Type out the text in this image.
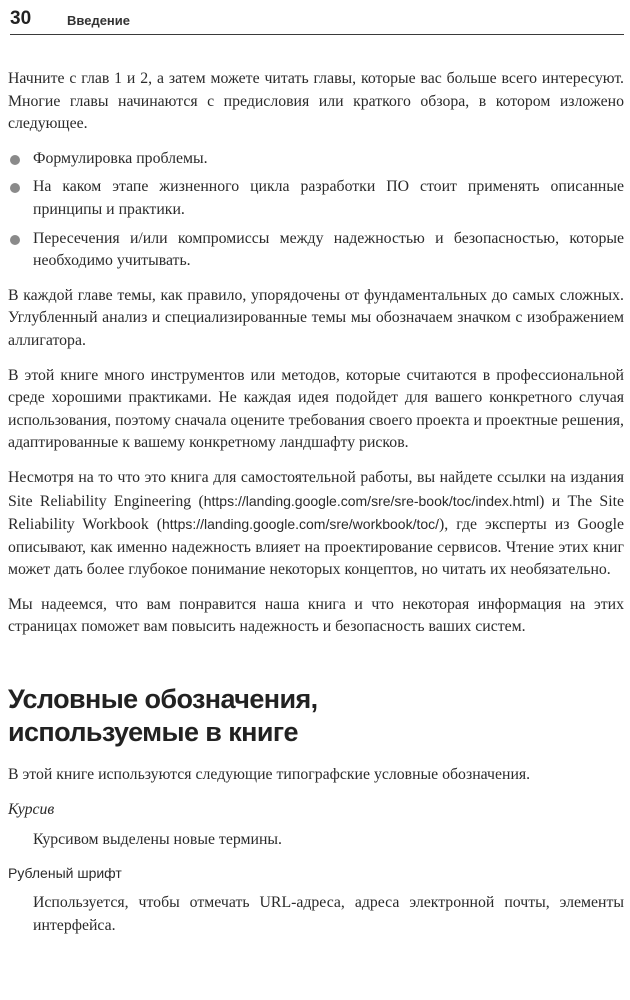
30	Введение

Начните с глав 1 и 2, а затем можете читать главы, которые вас больше всего интересуют. Многие главы начинаются с предисловия или краткого обзора, в котором изложено следующее.

Формулировка проблемы.
На каком этапе жизненного цикла разработки ПО стоит применять описанные принципы и практики.
Пересечения и/или компромиссы между надежностью и безопасностью, которые необходимо учитывать.

В каждой главе темы, как правило, упорядочены от фундаментальных до самых сложных. Углубленный анализ и специализированные темы мы обозначаем значком с изображением аллигатора.

В этой книге много инструментов или методов, которые считаются в профессиональной среде хорошими практиками. Не каждая идея подойдет для вашего конкретного случая использования, поэтому сначала оцените требования своего проекта и проектные решения, адаптированные к вашему конкретному ландшафту рисков.

Несмотря на то что это книга для самостоятельной работы, вы найдете ссылки на издания Site Reliability Engineering (https://landing.google.com/sre/sre-book/toc/index.html) и The Site Reliability Workbook (https://landing.google.com/sre/workbook/toc/), где эксперты из Google описывают, как именно надежность влияет на проектирование сервисов. Чтение этих книг может дать более глубокое понимание некоторых концептов, но читать их необязательно.

Мы надеемся, что вам понравится наша книга и что некоторая информация на этих страницах поможет вам повысить надежность и безопасность ваших систем.

Условные обозначения,
используемые в книге

В этой книге используются следующие типографские условные обозначения.

Курсив
Курсивом выделены новые термины.
Рубленый шрифт
Используется, чтобы отмечать URL-адреса, адреса электронной почты, элементы интерфейса.
